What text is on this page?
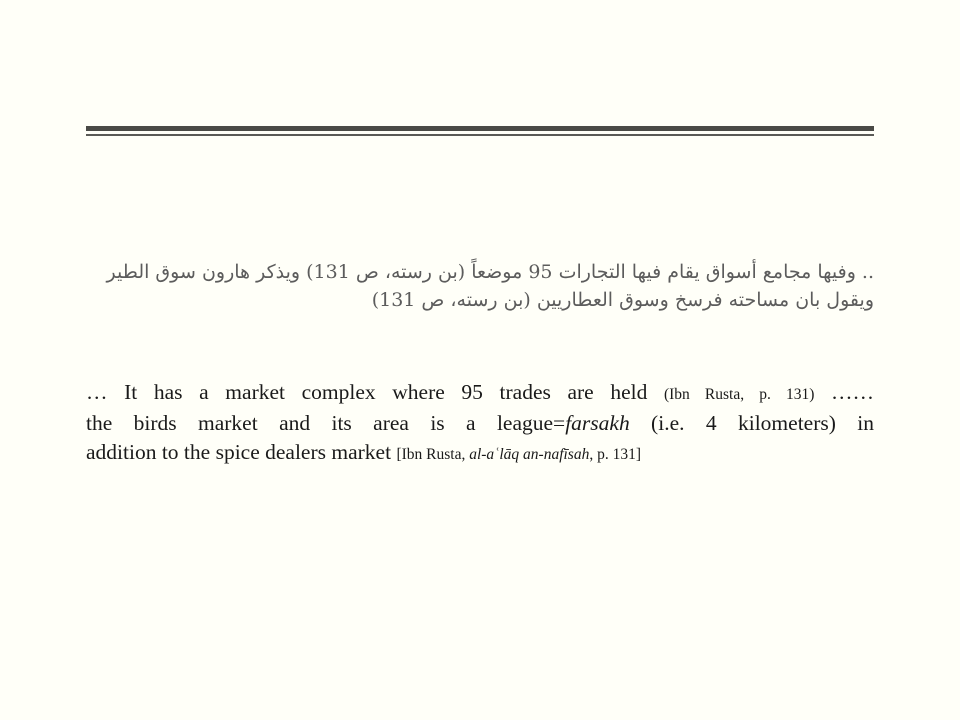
.. وفيها مجامع أسواق يقام فيها التجارات 95 موضعاً (بن رسته، ص 131) ويذكر هارون سوق الطير
ويقول بان مساحته فرسخ وسوق العطاريين (بن رسته، ص 131)
… It has a market complex where 95 trades are held (Ibn Rusta, p. 131) ……
the birds market and its area is a league=farsakh (i.e. 4 kilometers) in
addition to the spice dealers market [Ibn Rusta, al-aʿlāq an-nafīsah, p. 131]
